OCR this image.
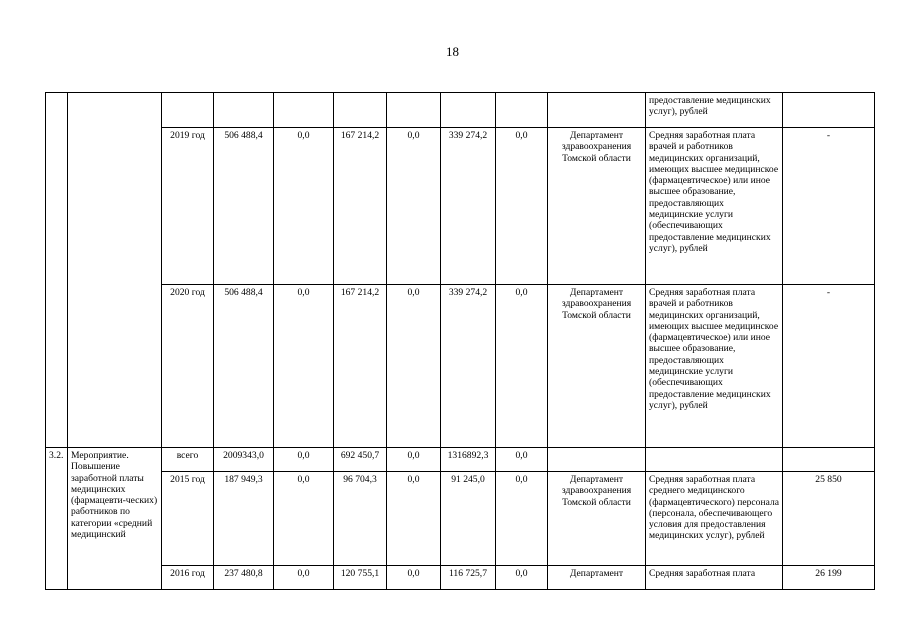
18
										предоставление медицинских услуг), рублей	
		2019 год	506 488,4	0,0	167 214,2	0,0	339 274,2	0,0	Департамент здравоохранения Томской области	Средняя заработная плата врачей и работников медицинских организаций, имеющих высшее медицинское (фармацевтическое) или иное высшее образование, предоставляющих медицинские услуги (обеспечивающих предоставление медицинских услуг), рублей	-
		2020 год	506 488,4	0,0	167 214,2	0,0	339 274,2	0,0	Департамент здравоохранения Томской области	Средняя заработная плата врачей и работников медицинских организаций, имеющих высшее медицинское (фармацевтическое) или иное высшее образование, предоставляющих медицинские услуги (обеспечивающих предоставление медицинских услуг), рублей	-
3.2.	Мероприятие. Повышение заработной платы медицинских (фармацевти-ческих) работников по категории «средний медицинский	всего	2009343,0	0,0	692 450,7	0,0	1316892,3	0,0			
		2015 год	187 949,3	0,0	96 704,3	0,0	91 245,0	0,0	Департамент здравоохранения Томской области	Средняя заработная плата среднего медицинского (фармацевтического) персонала (персонала, обеспечивающего условия для предоставления медицинских услуг), рублей	25 850
		2016 год	237 480,8	0,0	120 755,1	0,0	116 725,7	0,0	Департамент	Средняя заработная плата	26 199
